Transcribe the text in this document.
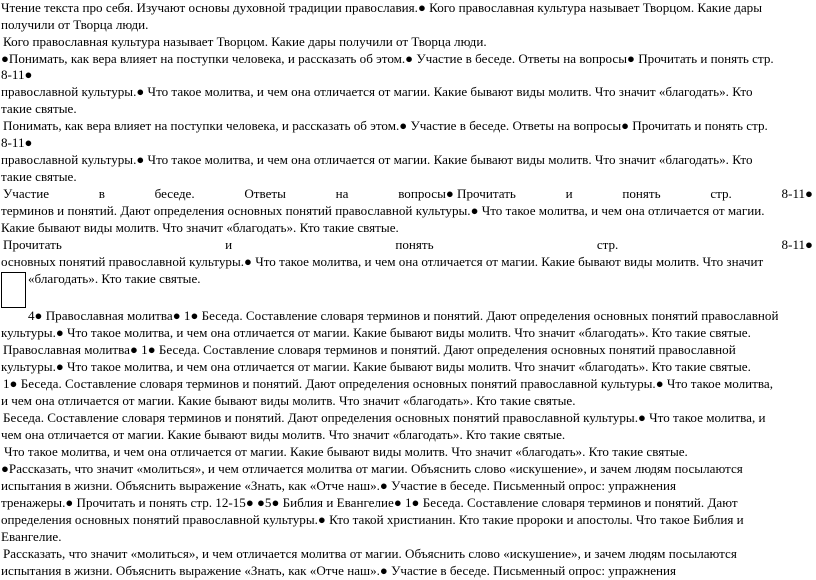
Чтение текста про себя. Изучают основы духовной традиции православия.● Кого православная культура называет Творцом. Какие дары
получили от Творца люди.
Кого православная культура называет Творцом. Какие дары получили от Творца люди.
●Понимать, как вера влияет на поступки человека, и рассказать об этом.● Участие в беседе. Ответы на вопросы● Прочитать и понять стр.
8-11●
православной культуры.● Что такое молитва, и чем она отличается от магии. Какие бывают виды молитв. Что значит «благодать». Кто
такие святые.
Понимать, как вера влияет на поступки человека, и рассказать об этом.● Участие в беседе. Ответы на вопросы● Прочитать и понять стр.
8-11●
православной культуры.● Что такое молитва, и чем она отличается от магии. Какие бывают виды молитв. Что значит «благодать». Кто
такие святые.
Участие	в	беседе.	Ответы	на	вопросы● Прочитать	и	понять	стр.	8-11●
терминов и понятий. Дают определения основных понятий православной культуры.● Что такое молитва, и чем она отличается от магии.
Какие бывают виды молитв. Что значит «благодать». Кто такие святые.
Прочитать	и	понять	стр.	8-11●
основных понятий православной культуры.● Что такое молитва, и чем она отличается от магии. Какие бывают виды молитв. Что значит
«благодать». Кто такие святые.
4● Православная молитва● 1● Беседа. Составление словаря терминов и понятий. Дают определения основных понятий православной
культуры.● Что такое молитва, и чем она отличается от магии. Какие бывают виды молитв. Что значит «благодать». Кто такие святые.
Православная молитва● 1● Беседа. Составление словаря терминов и понятий. Дают определения основных понятий православной
культуры.● Что такое молитва, и чем она отличается от магии. Какие бывают виды молитв. Что значит «благодать». Кто такие святые.
1● Беседа. Составление словаря терминов и понятий. Дают определения основных понятий православной культуры.● Что такое молитва,
и чем она отличается от магии. Какие бывают виды молитв. Что значит «благодать». Кто такие святые.
Беседа. Составление словаря терминов и понятий. Дают определения основных понятий православной культуры.● Что такое молитва, и
чем она отличается от магии. Какие бывают виды молитв. Что значит «благодать». Кто такие святые.
Что такое молитва, и чем она отличается от магии. Какие бывают виды молитв. Что значит «благодать». Кто такие святые.
●Рассказать, что значит «молиться», и чем отличается молитва от магии. Объяснить слово «искушение», и зачем людям посылаются
испытания в жизни. Объяснить выражение «Знать, как «Отче наш».● Участие в беседе. Письменный опрос: упражнения
тренажеры.● Прочитать и понять стр. 12-15● ●5● Библия и Евангелие● 1● Беседа. Составление словаря терминов и понятий. Дают
определения основных понятий православной культуры.● Кто такой христианин. Кто такие пророки и апостолы. Что такое Библия и
Евангелие.
Рассказать, что значит «молиться», и чем отличается молитва от магии. Объяснить слово «искушение», и зачем людям посылаются
испытания в жизни. Объяснить выражение «Знать, как «Отче наш».● Участие в беседе. Письменный опрос: упражнения
